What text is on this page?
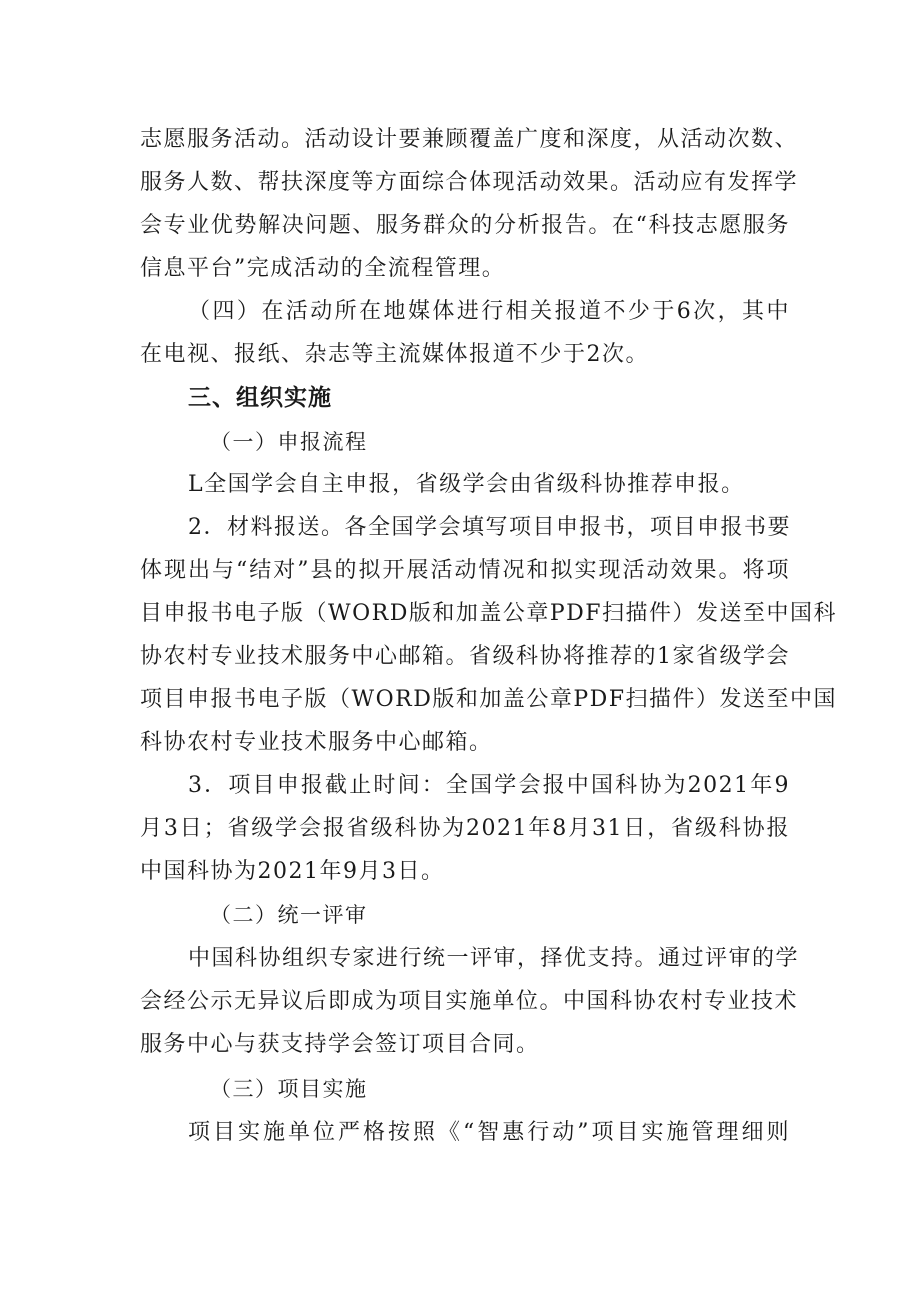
志愿服务活动。活动设计要兼顾覆盖广度和深度，从活动次数、
服务人数、帮扶深度等方面综合体现活动效果。活动应有发挥学
会专业优势解决问题、服务群众的分析报告。在“科技志愿服务
信息平台”完成活动的全流程管理。
（四）在活动所在地媒体进行相关报道不少于6次，其中
在电视、报纸、杂志等主流媒体报道不少于2次。
三、组织实施
（一）申报流程
L全国学会自主申报，省级学会由省级科协推荐申报。
2．材料报送。各全国学会填写项目申报书，项目申报书要
体现出与“结对”县的拟开展活动情况和拟实现活动效果。将项
目申报书电子版（WORD版和加盖公章PDF扫描件）发送至中国科
协农村专业技术服务中心邮箱。省级科协将推荐的1家省级学会
项目申报书电子版（WORD版和加盖公章PDF扫描件）发送至中国
科协农村专业技术服务中心邮箱。
3．项目申报截止时间：全国学会报中国科协为2021年9
月3日；省级学会报省级科协为2021年8月31日，省级科协报
中国科协为2021年9月3日。
（二）统一评审
中国科协组织专家进行统一评审，择优支持。通过评审的学
会经公示无异议后即成为项目实施单位。中国科协农村专业技术
服务中心与获支持学会签订项目合同。
（三）项目实施
项目实施单位严格按照《“智惠行动”项目实施管理细则
